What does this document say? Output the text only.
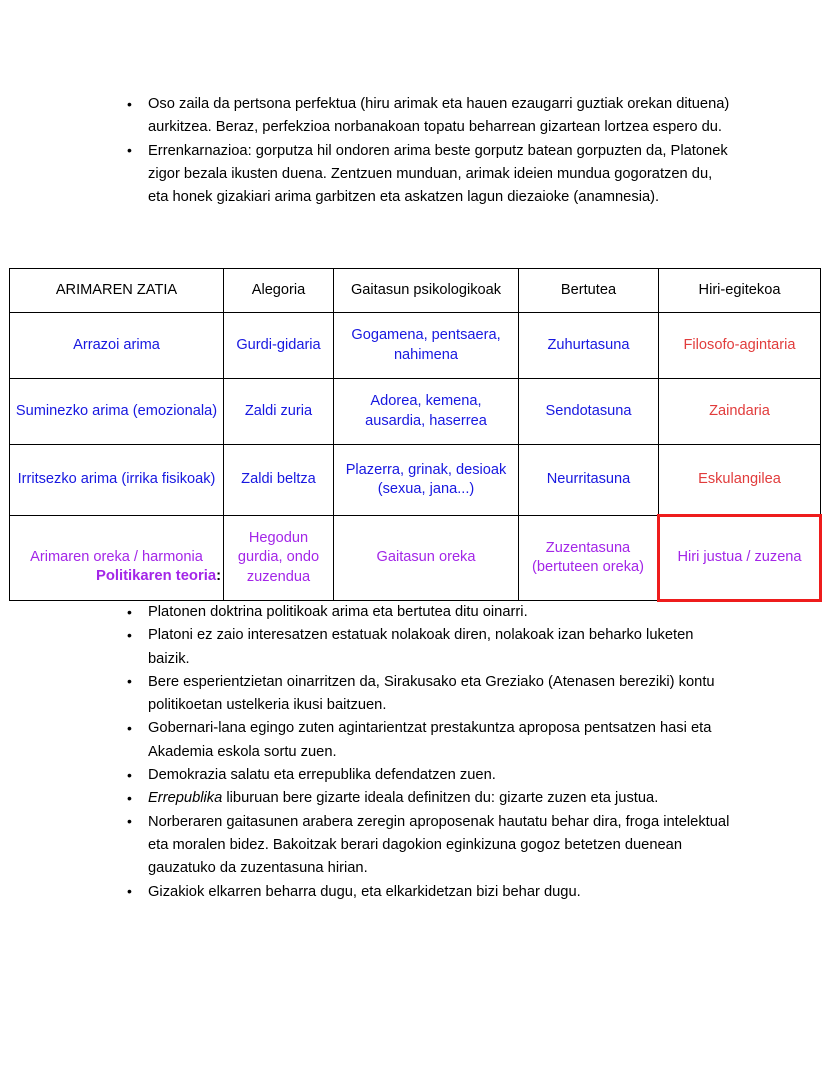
• Oso zaila da pertsona perfektua (hiru arimak eta hauen ezaugarri guztiak orekan dituena) aurkitzea. Beraz, perfekzioa norbanakoan topatu beharrean gizartean lortzea espero du.
• Errenkarnazioa: gorputza hil ondoren arima beste gorputz batean gorpuzten da, Platonek zigor bezala ikusten duena. Zentzuen munduan, arimak ideien mundua gogoratzen du, eta honek gizakiari arima garbitzen eta askatzen lagun diezaioke (anamnesia).
ARIMAREN ZATIA	Alegoria	Gaitasun psikologikoak	Bertutea	Hiri-egitekoa
Arrazoi arima	Gurdi-gidaria	Gogamena, pentsaera, nahimena	Zuhurtasuna	Filosofo-agintaria
Suminezko arima (emozionala)	Zaldi zuria	Adorea, kemena, ausardia, haserrea	Sendotasuna	Zaindaria
Irritsezko arima (irrika fisikoak)	Zaldi beltza	Plazerra, grinak, desioak (sexua, jana...)	Neurritasuna	Eskulangilea
Arimaren oreka / harmonia	Hegodun gurdia, ondo zuzendua	Gaitasun oreka	Zuzentasuna (bertuteen oreka)	Hiri justua / zuzena
Politikaren teoria:
• Platonen doktrina politikoak arima eta bertutea ditu oinarri.
• Platoni ez zaio interesatzen estatuak nolakoak diren, nolakoak izan beharko luketen baizik.
• Bere esperientzietan oinarritzen da, Sirakusako eta Greziako (Atenasen bereziki) kontu politikoetan ustelkeria ikusi baitzuen.
• Gobernari-lana egingo zuten agintarientzat prestakuntza aproposa pentsatzen hasi eta Akademia eskola sortu zuen.
• Demokrazia salatu eta errepublika defendatzen zuen.
• Errepublika liburuan bere gizarte ideala definitzen du: gizarte zuzen eta justua.
• Norberaren gaitasunen arabera zeregin aproposenak hautatu behar dira, froga intelektual eta moralen bidez. Bakoitzak berari dagokion eginkizuna gogoz betetzen duenean gauzatuko da zuzentasuna hirian.
• Gizakiok elkarren beharra dugu, eta elkarkidetzan bizi behar dugu.
